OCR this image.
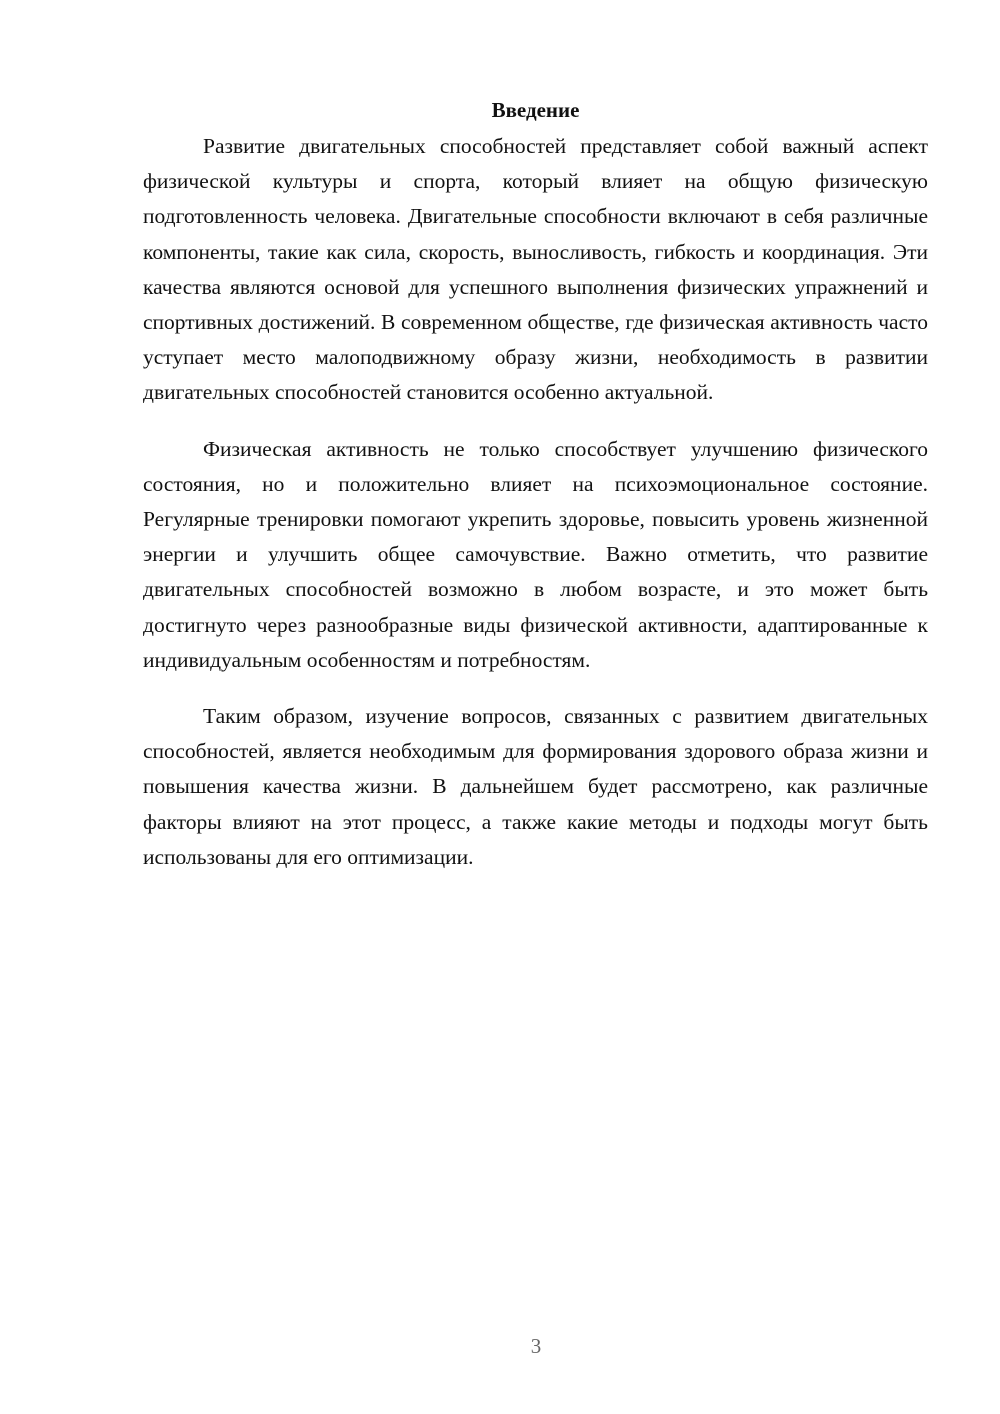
Введение

Развитие двигательных способностей представляет собой важный аспект физической культуры и спорта, который влияет на общую физическую подготовленность человека. Двигательные способности включают в себя различные компоненты, такие как сила, скорость, выносливость, гибкость и координация. Эти качества являются основой для успешного выполнения физических упражнений и спортивных достижений. В современном обществе, где физическая активность часто уступает место малоподвижному образу жизни, необходимость в развитии двигательных способностей становится особенно актуальной.

Физическая активность не только способствует улучшению физического состояния, но и положительно влияет на психоэмоциональное состояние. Регулярные тренировки помогают укрепить здоровье, повысить уровень жизненной энергии и улучшить общее самочувствие. Важно отметить, что развитие двигательных способностей возможно в любом возрасте, и это может быть достигнуто через разнообразные виды физической активности, адаптированные к индивидуальным особенностям и потребностям.

Таким образом, изучение вопросов, связанных с развитием двигательных способностей, является необходимым для формирования здорового образа жизни и повышения качества жизни. В дальнейшем будет рассмотрено, как различные факторы влияют на этот процесс, а также какие методы и подходы могут быть использованы для его оптимизации.

3
